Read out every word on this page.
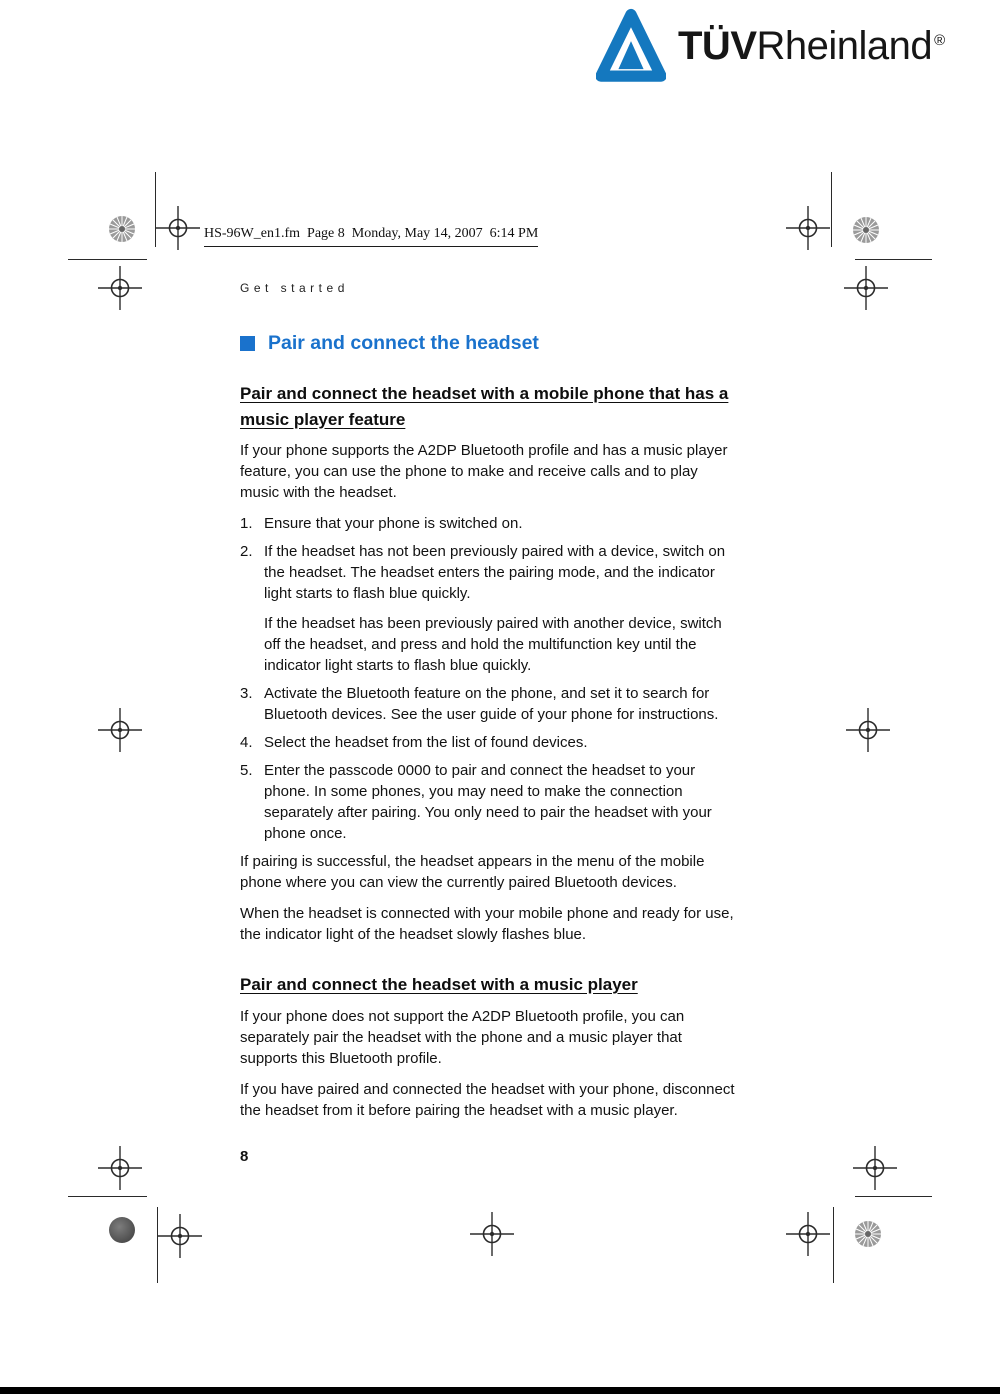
TÜVRheinland ®
HS-96W_en1.fm  Page 8  Monday, May 14, 2007  6:14 PM
Get started
Pair and connect the headset
Pair and connect the headset with a mobile phone that has a music player feature

If your phone supports the A2DP Bluetooth profile and has a music player feature, you can use the phone to make and receive calls and to play music with the headset.

1. Ensure that your phone is switched on.
2. If the headset has not been previously paired with a device, switch on the headset. The headset enters the pairing mode, and the indicator light starts to flash blue quickly.
If the headset has been previously paired with another device, switch off the headset, and press and hold the multifunction key until the indicator light starts to flash blue quickly.
3. Activate the Bluetooth feature on the phone, and set it to search for Bluetooth devices. See the user guide of your phone for instructions.
4. Select the headset from the list of found devices.
5. Enter the passcode 0000 to pair and connect the headset to your phone. In some phones, you may need to make the connection separately after pairing. You only need to pair the headset with your phone once.

If pairing is successful, the headset appears in the menu of the mobile phone where you can view the currently paired Bluetooth devices.

When the headset is connected with your mobile phone and ready for use, the indicator light of the headset slowly flashes blue.

Pair and connect the headset with a music player

If your phone does not support the A2DP Bluetooth profile, you can separately pair the headset with the phone and a music player that supports this Bluetooth profile.

If you have paired and connected the headset with your phone, disconnect the headset from it before pairing the headset with a music player.

8
